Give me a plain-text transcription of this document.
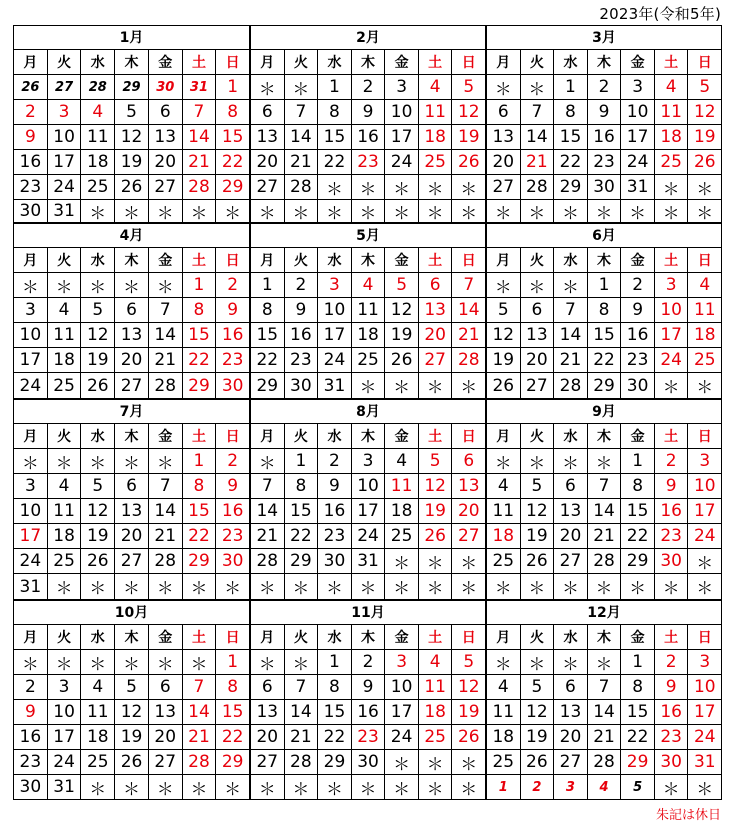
2023年(令和5年)
1月
月	火	水	木	金	土	日
26	27	28	29	30	31	1
2	3	4	5	6	7	8
9	10 11 12 13 14 15
16 17 18 19 20 21 22
23 24 25 26 27 28 29
30 31 ＊ ＊ ＊ ＊ ＊
2月
月	火	水	木	金	土	日
＊ ＊	1	2	3	4	5
6	7	8	9	10 11 12
13 14 15 16 17 18 19
20 21 22 23 24 25 26
27 28 ＊ ＊ ＊ ＊ ＊
＊ ＊ ＊ ＊ ＊ ＊ ＊
3月
月	火	水	木	金	土	日
＊ ＊	1	2	3	4	5
6	7	8	9	10 11 12
13 14 15 16 17 18 19
20 21 22 23 24 25 26
27 28 29 30 31 ＊ ＊
＊ ＊ ＊ ＊ ＊ ＊ ＊
4月
月	火	水	木	金	土	日
＊ ＊ ＊ ＊ ＊	1	2
3	4	5	6	7	8	9
10 11 12 13 14 15 16
17 18 19 20 21 22 23
24 25 26 27 28 29 30
5月
月	火	水	木	金	土	日
1	2	3	4	5	6	7
8	9	10 11 12 13 14
15 16 17 18 19 20 21
22 23 24 25 26 27 28
29 30 31 ＊ ＊ ＊ ＊
6月
月	火	水	木	金	土	日
＊ ＊ ＊	1	2	3	4
5	6	7	8	9	10 11
12 13 14 15 16 17 18
19 20 21 22 23 24 25
26 27 28 29 30 ＊ ＊
7月
月	火	水	木	金	土	日
＊ ＊ ＊ ＊ ＊	1	2
3	4	5	6	7	8	9
10 11 12 13 14 15 16
17 18 19 20 21 22 23
24 25 26 27 28 29 30
31 ＊ ＊ ＊ ＊ ＊ ＊
8月
月	火	水	木	金	土	日
＊	1	2	3	4	5	6
7	8	9	10 11 12 13
14 15 16 17 18 19 20
21 22 23 24 25 26 27
28 29 30 31 ＊ ＊ ＊
＊ ＊ ＊ ＊ ＊ ＊ ＊
9月
月	火	水	木	金	土	日
＊ ＊ ＊ ＊	1	2	3
4	5	6	7	8	9	10
11 12 13 14 15 16 17
18 19 20 21 22 23 24
25 26 27 28 29 30 ＊
＊ ＊ ＊ ＊ ＊ ＊ ＊
10月
月	火	水	木	金	土	日
＊ ＊ ＊ ＊ ＊ ＊	1
2	3	4	5	6	7	8
9	10 11 12 13 14 15
16 17 18 19 20 21 22
23 24 25 26 27 28 29
30 31 ＊ ＊ ＊ ＊ ＊
11月
月	火	水	木	金	土	日
＊ ＊	1	2	3	4	5
6	7	8	9	10 11 12
13 14 15 16 17 18 19
20 21 22 23 24 25 26
27 28 29 30 ＊ ＊ ＊
＊ ＊ ＊ ＊ ＊ ＊ ＊
12月
月	火	水	木	金	土	日
＊ ＊ ＊ ＊	1	2	3
4	5	6	7	8	9	10
11 12 13 14 15 16 17
18 19 20 21 22 23 24
25 26 27 28 29 30 31
1	2	3	4	5	＊ ＊
朱記は休日
